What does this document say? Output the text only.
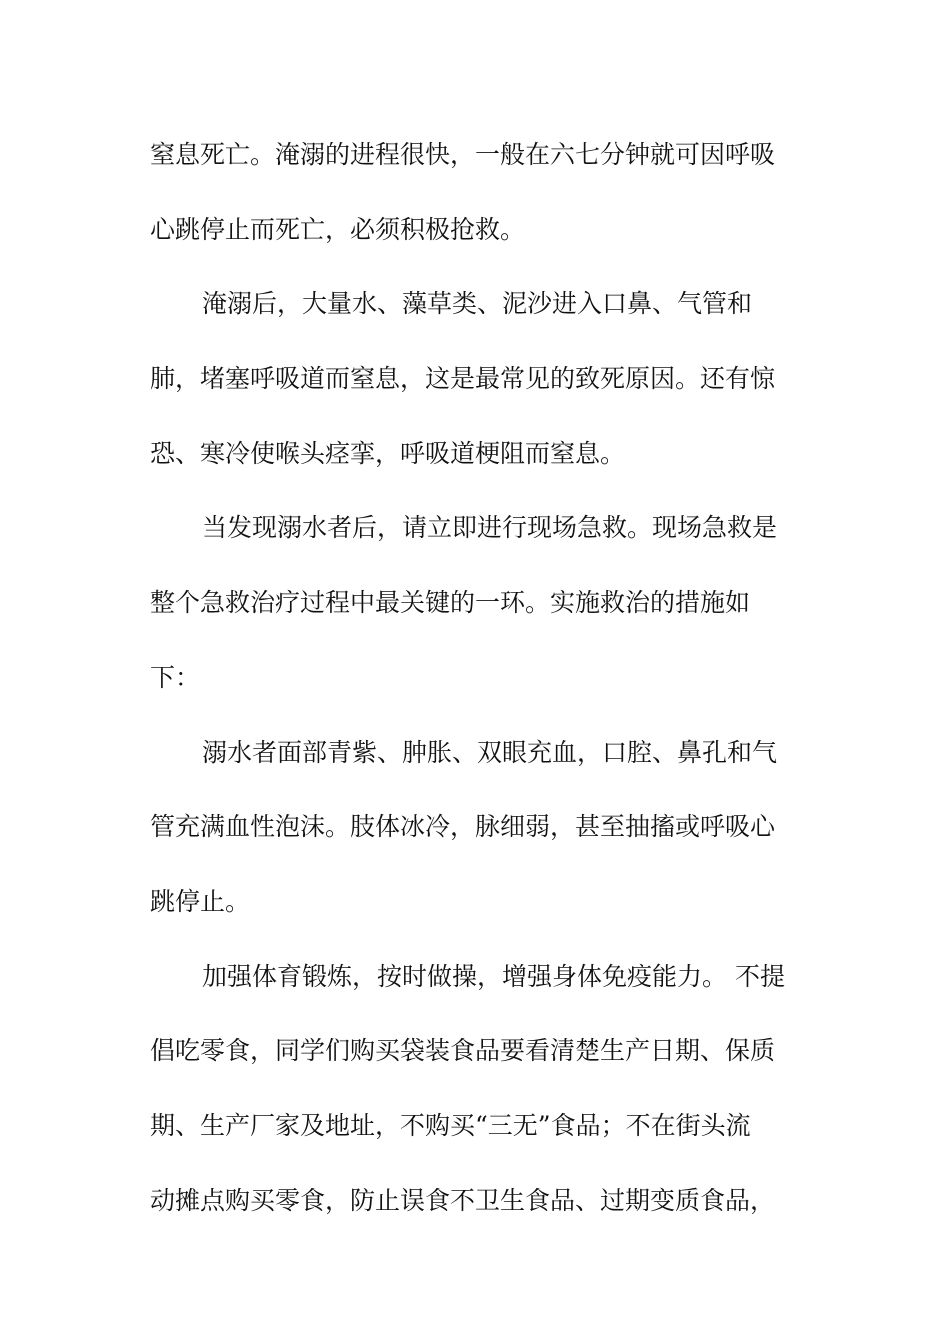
窒息死亡。淹溺的进程很快，一般在六七分钟就可因呼吸
心跳停止而死亡，必须积极抢救。
淹溺后，大量水、藻草类、泥沙进入口鼻、气管和
肺，堵塞呼吸道而窒息，这是最常见的致死原因。还有惊
恐、寒冷使喉头痉挛，呼吸道梗阻而窒息。
当发现溺水者后，请立即进行现场急救。现场急救是
整个急救治疗过程中最关键的一环。实施救治的措施如
下：
溺水者面部青紫、肿胀、双眼充血，口腔、鼻孔和气
管充满血性泡沫。肢体冰冷，脉细弱，甚至抽搐或呼吸心
跳停止。
加强体育锻炼，按时做操，增强身体免疫能力。 不提
倡吃零食，同学们购买袋装食品要看清楚生产日期、保质
期、生产厂家及地址，不购买“三无”食品；不在街头流
动摊点购买零食，防止误食不卫生食品、过期变质食品，
